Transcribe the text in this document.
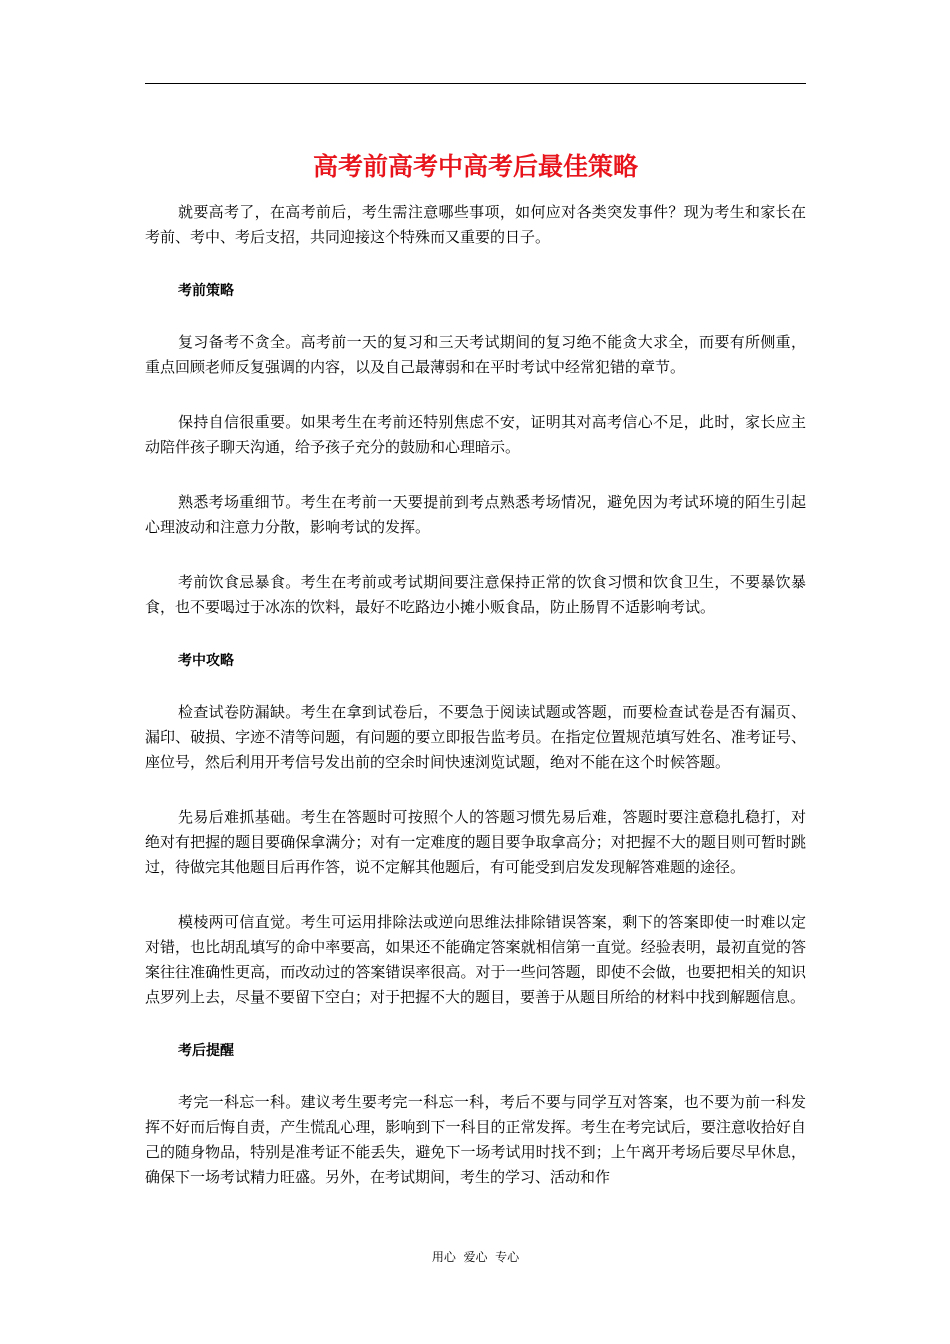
高考前高考中高考后最佳策略

就要高考了，在高考前后，考生需注意哪些事项，如何应对各类突发事件？现为考生和家长在考前、考中、考后支招，共同迎接这个特殊而又重要的日子。

考前策略

复习备考不贪全。高考前一天的复习和三天考试期间的复习绝不能贪大求全，而要有所侧重，重点回顾老师反复强调的内容，以及自己最薄弱和在平时考试中经常犯错的章节。

保持自信很重要。如果考生在考前还特别焦虑不安，证明其对高考信心不足，此时，家长应主动陪伴孩子聊天沟通，给予孩子充分的鼓励和心理暗示。

熟悉考场重细节。考生在考前一天要提前到考点熟悉考场情况，避免因为考试环境的陌生引起心理波动和注意力分散，影响考试的发挥。

考前饮食忌暴食。考生在考前或考试期间要注意保持正常的饮食习惯和饮食卫生，不要暴饮暴食，也不要喝过于冰冻的饮料，最好不吃路边小摊小贩食品，防止肠胃不适影响考试。

考中攻略

检查试卷防漏缺。考生在拿到试卷后，不要急于阅读试题或答题，而要检查试卷是否有漏页、漏印、破损、字迹不清等问题，有问题的要立即报告监考员。在指定位置规范填写姓名、准考证号、座位号，然后利用开考信号发出前的空余时间快速浏览试题，绝对不能在这个时候答题。

先易后难抓基础。考生在答题时可按照个人的答题习惯先易后难，答题时要注意稳扎稳打，对绝对有把握的题目要确保拿满分；对有一定难度的题目要争取拿高分；对把握不大的题目则可暂时跳过，待做完其他题目后再作答，说不定解其他题后，有可能受到启发发现解答难题的途径。

模棱两可信直觉。考生可运用排除法或逆向思维法排除错误答案，剩下的答案即使一时难以定对错，也比胡乱填写的命中率要高，如果还不能确定答案就相信第一直觉。经验表明，最初直觉的答案往往准确性更高，而改动过的答案错误率很高。对于一些问答题，即使不会做，也要把相关的知识点罗列上去，尽量不要留下空白；对于把握不大的题目，要善于从题目所给的材料中找到解题信息。

考后提醒

考完一科忘一科。建议考生要考完一科忘一科，考后不要与同学互对答案，也不要为前一科发挥不好而后悔自责，产生慌乱心理，影响到下一科目的正常发挥。考生在考完试后，要注意收拾好自己的随身物品，特别是准考证不能丢失，避免下一场考试用时找不到；上午离开考场后要尽早休息，确保下一场考试精力旺盛。另外，在考试期间，考生的学习、活动和作

用心  爱心  专心
